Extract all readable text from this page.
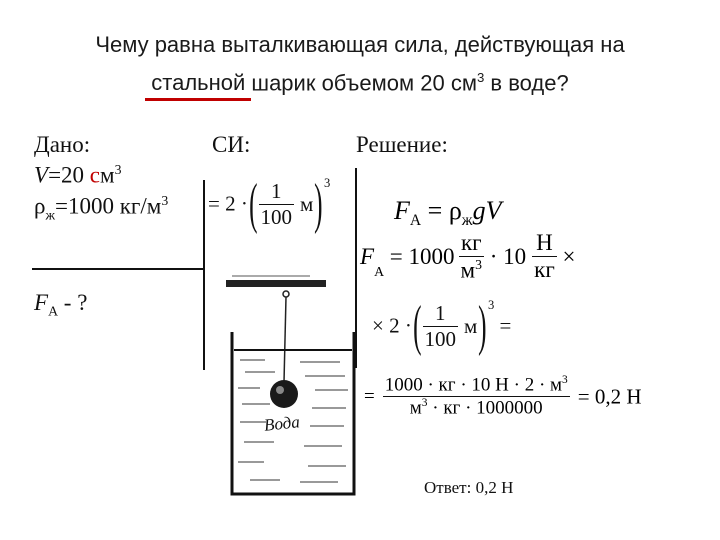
Чему равна выталкивающая сила, действующая на
стальной
шарик объемом 20 $см^3$ в воде?
Дано:	СИ:	Решение:
V=20 $см^3$
$\rho_ж=1000$ $кг/м^3$
$F_А$ - ?
= 2 ·( $\frac{1}{100} м)^3$
$F_А = \rho_жgV$
$F_А = 1000 \frac{кг}{м^3} \cdot 10 \frac{Н}{кг}$ ×
× 2 ·( $\frac{1}{100} м)^3$ =
= $\frac{1000 \cdot кг \cdot 10 Н \cdot 2 \cdot м^3}{м^3 \cdot кг \cdot 1000000} = 0,2$ Н
Ответ: 0,2 Н
Вода
